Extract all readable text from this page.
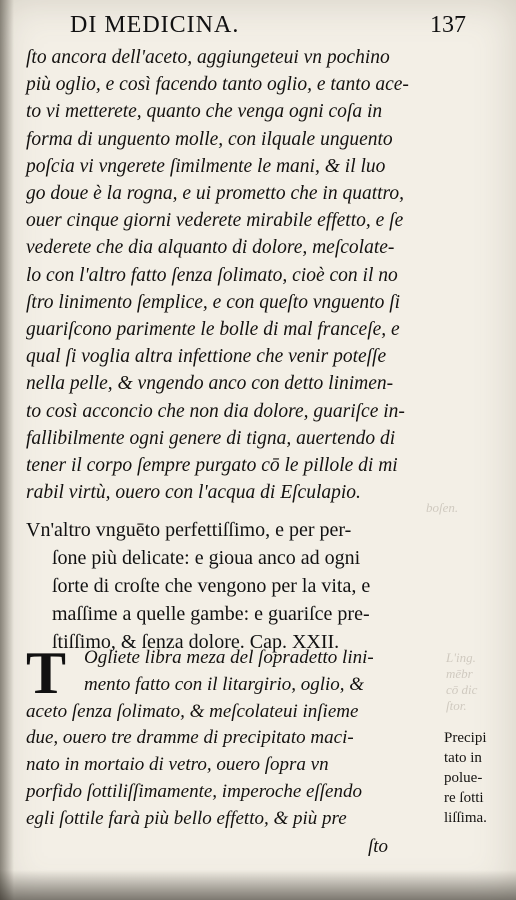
boſen.
L'ing.
mēbr
cō dic
ſtor.
DI MEDICINA.	137
ſto ancora dell'aceto, aggiungeteui vn pochino
più oglio, e così facendo tanto oglio, e tanto ace-
to vi metterete, quanto che venga ogni coſa in
forma di unguento molle, con ilquale unguento
poſcia vi vngerete ſimilmente le mani, & il luo
go doue è la rogna, e ui prometto che in quattro,
ouer cinque giorni vederete mirabile effetto, e ſe
vederete che dia alquanto di dolore, meſcolate-
lo con l'altro fatto ſenza ſolimato, cioè con il no
ſtro linimento ſemplice, e con queſto vnguento ſi
guariſcono parimente le bolle di mal franceſe, e
qual ſi voglia altra infettione che venir poteſſe
nella pelle, & vngendo anco con detto linimen-
to così acconcio che non dia dolore, guariſce in-
fallibilmente ogni genere di tigna, auertendo di
tener il corpo ſempre purgato cō le pillole di mi
rabil virtù, ouero con l'acqua di Eſculapio.
Vn'altro vnguēto perfettiſſimo, e per per-
ſone più delicate: e gioua anco ad ogni
ſorte di croſte che vengono per la vita, e
maſſime a quelle gambe: e guariſce pre-
ſtiſſimo, & ſenza dolore. Cap. XXII.
T Ogliete libra meza del ſopradetto lini-
mento fatto con il litargirio, oglio, &
aceto ſenza ſolimato, & meſcolateui inſieme
due, ouero tre dramme di precipitato maci-
nato in mortaio di vetro, ouero ſopra vn
porfido ſottiliſſimamente, imperoche eſſendo
egli ſottile farà più bello effetto, & più pre
Precipi
tato in
polue-
re ſotti
liſſima.
ſto
